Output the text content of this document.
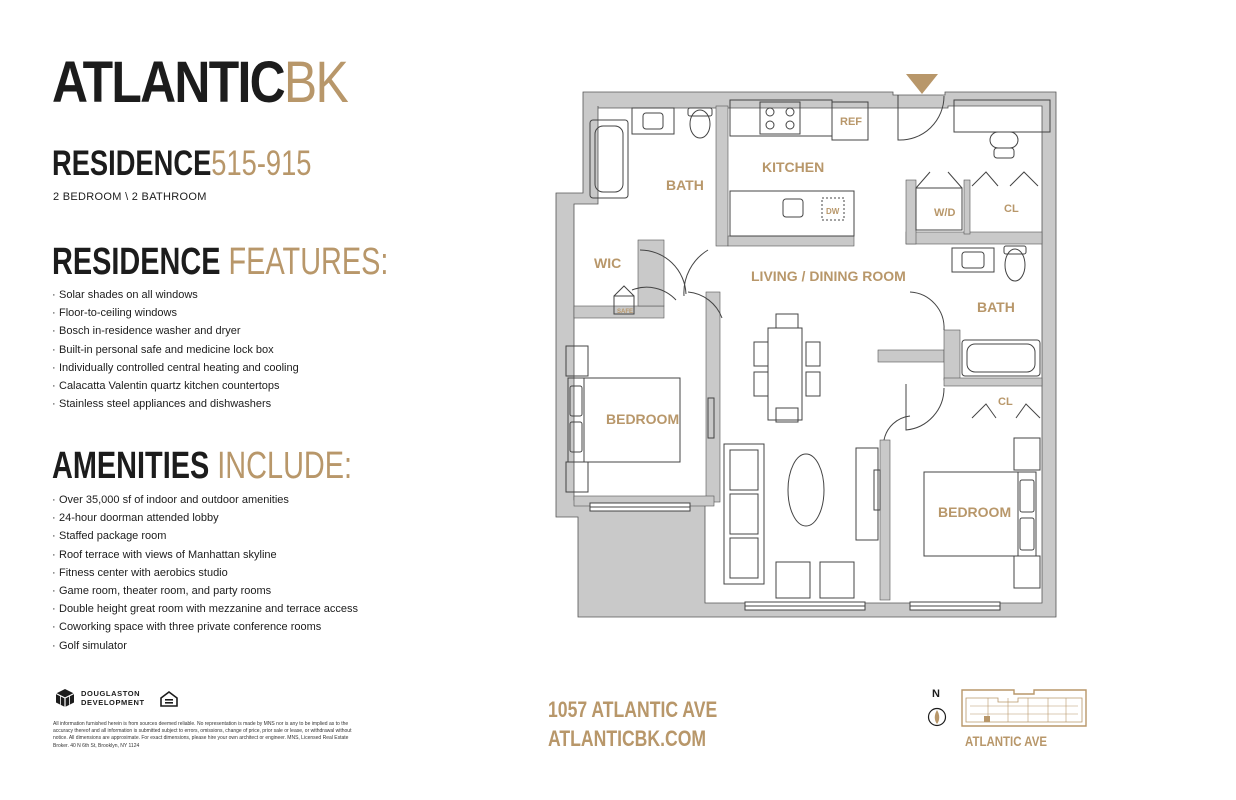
ATLANTICBK
RESIDENCE515-915
2 BEDROOM \ 2 BATHROOM
RESIDENCE FEATURES:
· Solar shades on all windows
· Floor-to-ceiling windows
· Bosch in-residence washer and dryer
· Built-in personal safe and medicine lock box
· Individually controlled central heating and cooling
· Calacatta Valentin quartz kitchen countertops
· Stainless steel appliances and dishwashers
AMENITIES INCLUDE:
· Over 35,000 sf of indoor and outdoor amenities
· 24-hour doorman attended lobby
· Staffed package room
· Roof terrace with views of Manhattan skyline
· Fitness center with aerobics studio
· Game room, theater room, and party rooms
· Double height great room with mezzanine and terrace access
· Coworking space with three private conference rooms
· Golf simulator
DOUGLASTON
DEVELOPMENT

All information furnished herein is from sources deemed reliable. No representation is made by MNS nor is any to be implied as to the accuracy thereof and all information is submitted subject to errors, omissions, change of price, prior sale or lease, or withdrawal without notice. All dimensions are approximate. For exact dimensions, please hire your own architect or engineer. MNS, Licensed Real Estate Broker. 40 N 6th St, Brooklyn, NY 1124

1057 ATLANTIC AVE
ATLANTICBK.COM
N
ATLANTIC AVE
BATH
KITCHEN
REF
DW	W/D	CL
WIC
LIVING / DINING ROOM
BATH
BEDROOM
CL
BEDROOM
SAFE
